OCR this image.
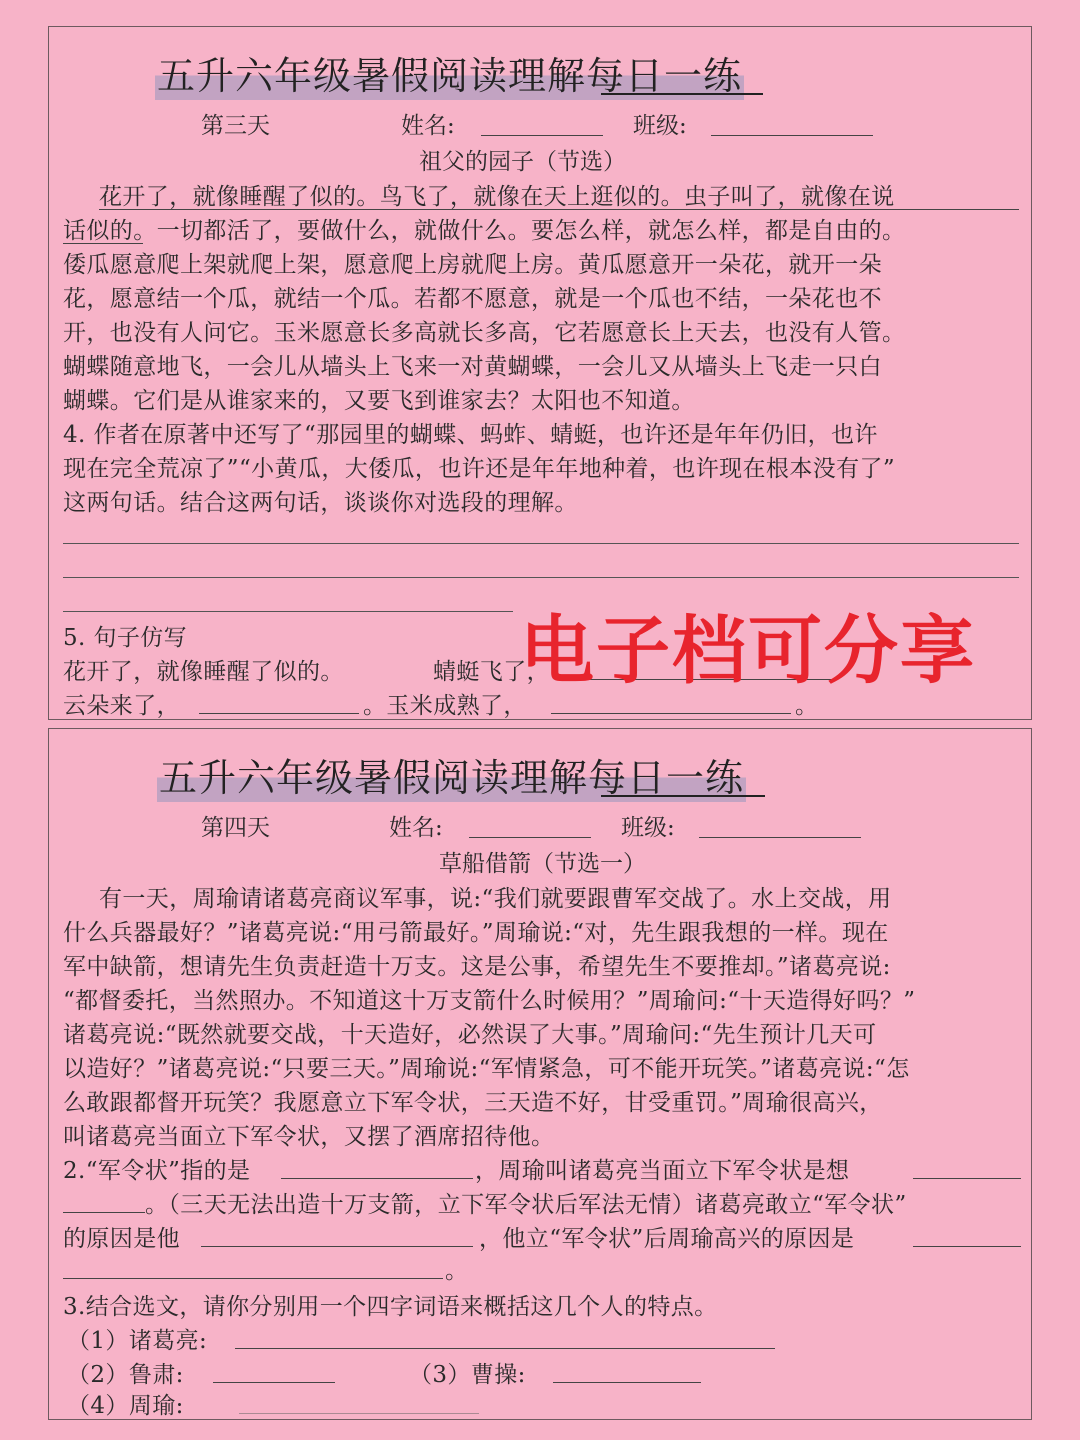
五升六年级暑假阅读理解每日一练
第三天	姓名:	班级:
祖父的园子（节选）
花开了，就像睡醒了似的。鸟飞了，就像在天上逛似的。虫子叫了，就像在说
话似的。一切都活了，要做什么，就做什么。要怎么样，就怎么样，都是自由的。
倭瓜愿意爬上架就爬上架，愿意爬上房就爬上房。黄瓜愿意开一朵花，就开一朵
花，愿意结一个瓜，就结一个瓜。若都不愿意，就是一个瓜也不结，一朵花也不
开，也没有人问它。玉米愿意长多高就长多高，它若愿意长上天去，也没有人管。
蝴蝶随意地飞，一会儿从墙头上飞来一对黄蝴蝶，一会儿又从墙头上飞走一只白
蝴蝶。它们是从谁家来的，又要飞到谁家去？太阳也不知道。
4. 作者在原著中还写了“那园里的蝴蝶、蚂蚱、蜻蜓，也许还是年年仍旧，也许
现在完全荒凉了”“小黄瓜，大倭瓜，也许还是年年地种着，也许现在根本没有了”
这两句话。结合这两句话，谈谈你对选段的理解。
5. 句子仿写
花开了，就像睡醒了似的。	蜻蜓飞了，
云朵来了，	。玉米成熟了，	。
电子档可分享
五升六年级暑假阅读理解每日一练
第四天	姓名:	班级:
草船借箭（节选一）
有一天，周瑜请诸葛亮商议军事，说:“我们就要跟曹军交战了。水上交战，用
什么兵器最好？”诸葛亮说:“用弓箭最好。”周瑜说:“对，先生跟我想的一样。现在
军中缺箭，想请先生负责赶造十万支。这是公事，希望先生不要推却。”诸葛亮说:
“都督委托，当然照办。不知道这十万支箭什么时候用？”周瑜问:“十天造得好吗？”
诸葛亮说:“既然就要交战，十天造好，必然误了大事。”周瑜问:“先生预计几天可
以造好？”诸葛亮说:“只要三天。”周瑜说:“军情紧急，可不能开玩笑。”诸葛亮说:“怎
么敢跟都督开玩笑？我愿意立下军令状，三天造不好，甘受重罚。”周瑜很高兴，
叫诸葛亮当面立下军令状，又摆了酒席招待他。
2.“军令状”指的是	，周瑜叫诸葛亮当面立下军令状是想
。（三天无法出造十万支箭，立下军令状后军法无情）诸葛亮敢立“军令状”
的原因是他	，他立“军令状”后周瑜高兴的原因是
。
3.结合选文，请你分别用一个四字词语来概括这几个人的特点。
（1）诸葛亮:
（2）鲁肃:	（3）曹操:
（4）周瑜:
